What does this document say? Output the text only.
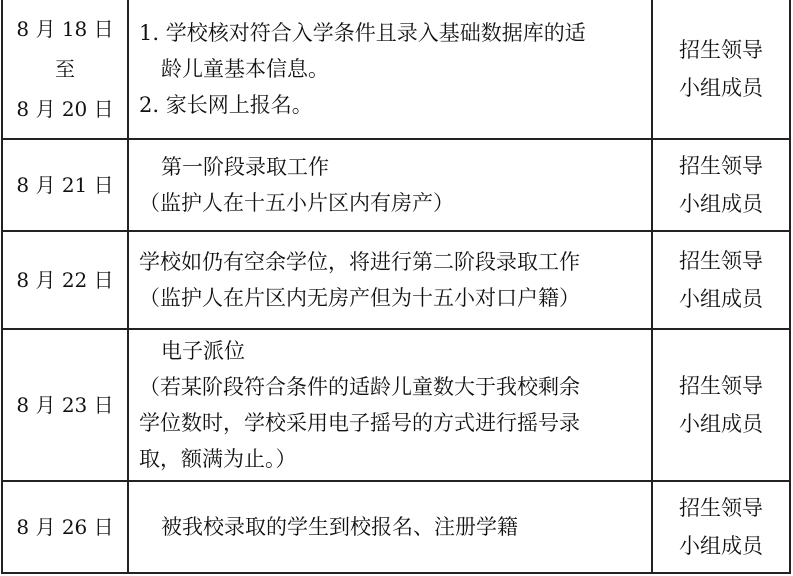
8 月 18 日
至
8 月 20 日	1. 学校核对符合入学条件且录入基础数据库的适
龄儿童基本信息。
2. 家长网上报名。	招生领导
小组成员

8 月 21 日	第一阶段录取工作
（监护人在十五小片区内有房产）	招生领导
小组成员

8 月 22 日	学校如仍有空余学位，将进行第二阶段录取工作
（监护人在片区内无房产但为十五小对口户籍）	招生领导
小组成员

8 月 23 日	电子派位
（若某阶段符合条件的适龄儿童数大于我校剩余
学位数时，学校采用电子摇号的方式进行摇号录
取，额满为止。）	招生领导
小组成员

8 月 26 日	被我校录取的学生到校报名、注册学籍	招生领导
小组成员
